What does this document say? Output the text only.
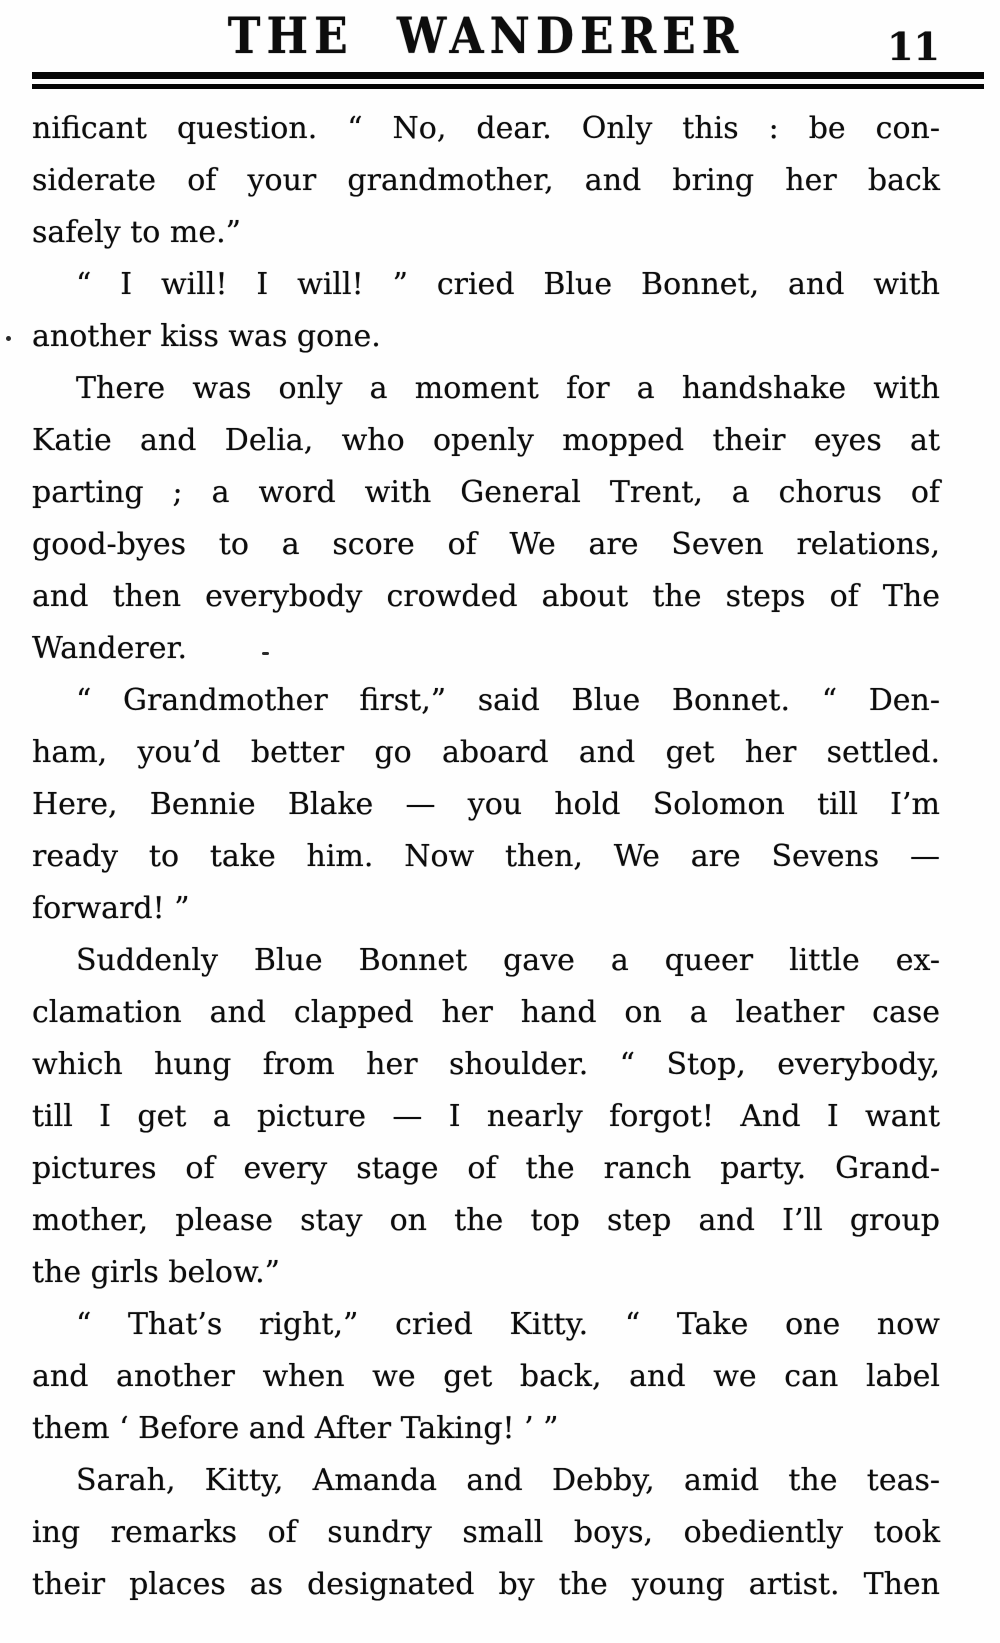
THE WANDERER	11
nificant question. “ No, dear. Only this : be con-
siderate of your grandmother, and bring her back
safely to me.”
“ I will! I will! ” cried Blue Bonnet, and with
another kiss was gone.
There was only a moment for a handshake with
Katie and Delia, who openly mopped their eyes at
parting ; a word with General Trent, a chorus of
good-byes to a score of We are Seven relations,
and then everybody crowded about the steps of The
Wanderer.
“ Grandmother first,” said Blue Bonnet. “ Den-
ham, you’d better go aboard and get her settled.
Here, Bennie Blake — you hold Solomon till I’m
ready to take him. Now then, We are Sevens —
forward! ”
Suddenly Blue Bonnet gave a queer little ex-
clamation and clapped her hand on a leather case
which hung from her shoulder. “ Stop, everybody,
till I get a picture — I nearly forgot! And I want
pictures of every stage of the ranch party. Grand-
mother, please stay on the top step and I’ll group
the girls below.”
“ That’s right,” cried Kitty. “ Take one now
and another when we get back, and we can label
them ‘ Before and After Taking! ’ ”
Sarah, Kitty, Amanda and Debby, amid the teas-
ing remarks of sundry small boys, obediently took
their places as designated by the young artist. Then
